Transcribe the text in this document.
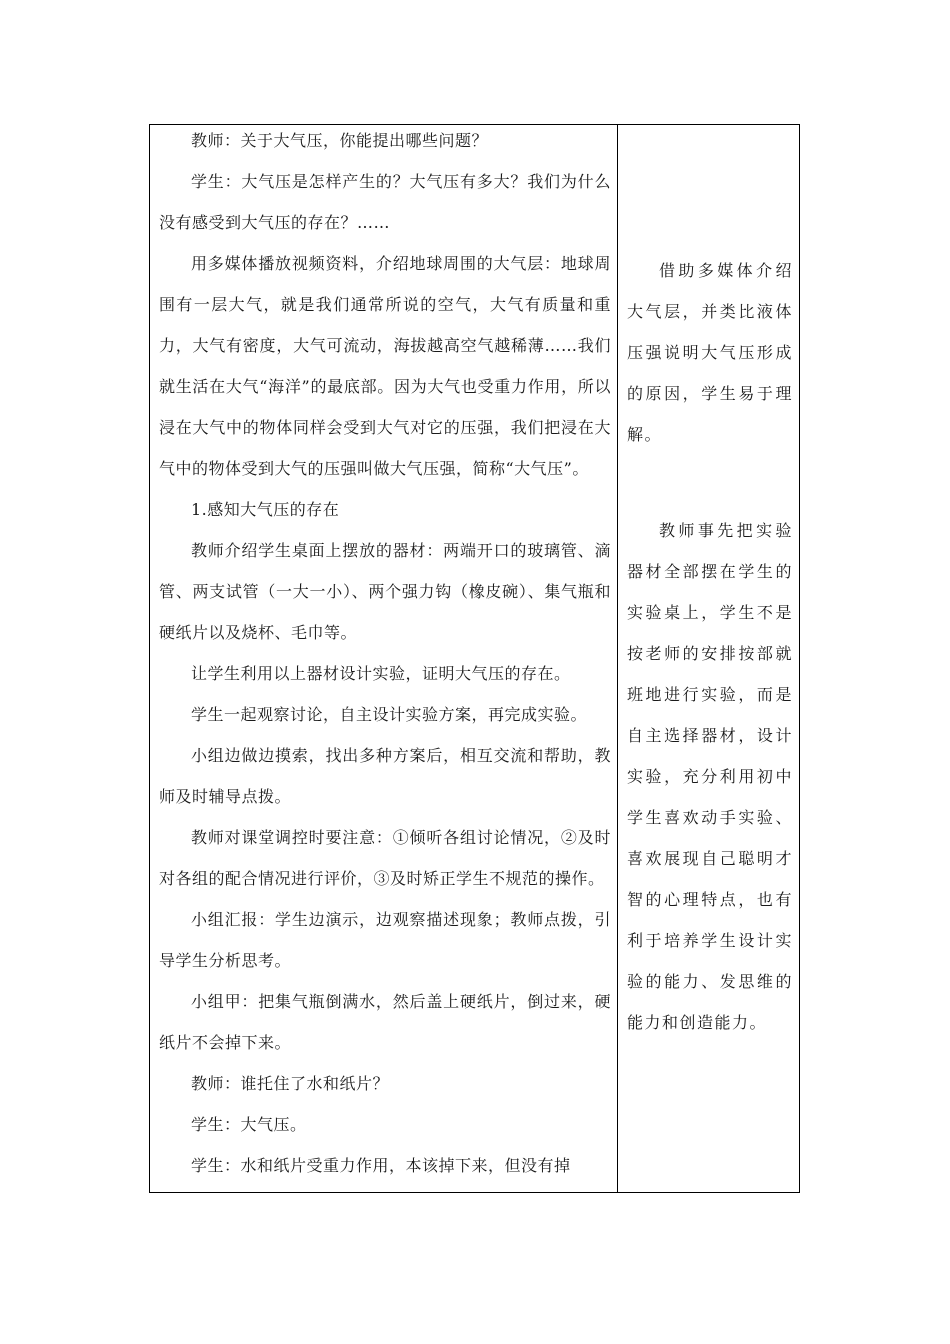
教师：关于大气压，你能提出哪些问题？

学生：大气压是怎样产生的？大气压有多大？我们为什么没有感受到大气压的存在？……

用多媒体播放视频资料，介绍地球周围的大气层：地球周围有一层大气，就是我们通常所说的空气，大气有质量和重力，大气有密度，大气可流动，海拔越高空气越稀薄……我们就生活在大气“海洋”的最底部。因为大气也受重力作用，所以浸在大气中的物体同样会受到大气对它的压强，我们把浸在大气中的物体受到大气的压强叫做大气压强，简称“大气压”。

1.感知大气压的存在

教师介绍学生桌面上摆放的器材：两端开口的玻璃管、滴管、两支试管（一大一小）、两个强力钩（橡皮碗）、集气瓶和硬纸片以及烧杯、毛巾等。

让学生利用以上器材设计实验，证明大气压的存在。

学生一起观察讨论，自主设计实验方案，再完成实验。

小组边做边摸索，找出多种方案后，相互交流和帮助，教师及时辅导点拨。

教师对课堂调控时要注意：①倾听各组讨论情况，②及时对各组的配合情况进行评价，③及时矫正学生不规范的操作。

小组汇报：学生边演示，边观察描述现象；教师点拨，引导学生分析思考。

小组甲：把集气瓶倒满水，然后盖上硬纸片，倒过来，硬纸片不会掉下来。

教师：谁托住了水和纸片？

学生：大气压。

学生：水和纸片受重力作用，本该掉下来，但没有掉

借助多媒体介绍大气层，并类比液体压强说明大气压形成的原因，学生易于理解。

教师事先把实验器材全部摆在学生的实验桌上，学生不是按老师的安排按部就班地进行实验，而是自主选择器材，设计实验，充分利用初中学生喜欢动手实验、喜欢展现自己聪明才智的心理特点，也有利于培养学生设计实验的能力、发思维的能力和创造能力。
